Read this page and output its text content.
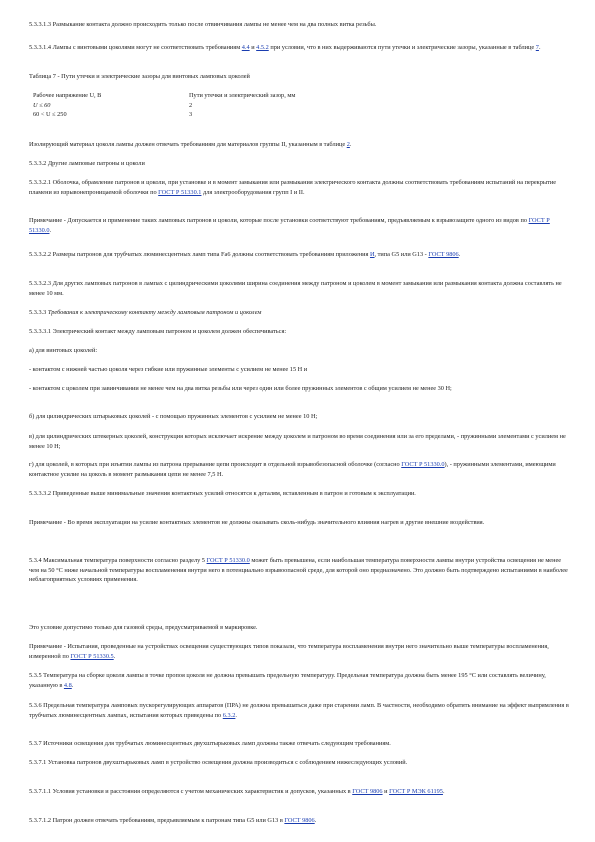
5.3.3.1.3 Размыкание контакта должно происходить только после отвинчивания лампы не менее чем на два полных витка резьбы.

5.3.3.1.4 Лампы с винтовыми цоколями могут не соответствовать требованиям 4.4 и 4.5.2 при условии, что в них выдерживаются пути утечки и электрические зазоры, указанные в таблице 7.

Таблица 7 - Пути утечки и электрические зазоры для винтовых ламповых цоколей

Изолирующий материал цоколя лампы должен отвечать требованиям для материалов группы II, указанным в таблице 2.

5.3.3.2 Другие ламповые патроны и цоколи

5.3.3.2.1 Оболочка, обрамление патронов и цоколи, при установке и в момент замыкания или размыкания электрического контакта должны соответствовать требованиям испытаний на перекрытие пламени из взрывонепроницаемой оболочки по ГОСТ Р 51330.1 для электрооборудования групп I и II.

Примечание - Допускается и применение таких ламповых патронов и цоколи, которые после установки соответствуют требованиям, предъявляемым к взрывозащите одного из видов по ГОСТ Р 51330.0.

5.3.3.2.2 Размеры патронов для трубчатых люминесцентных ламп типа Fa6 должны соответствовать требованиям приложения И, типа G5 или G13 - ГОСТ 9806.

5.3.3.2.3 Для других ламповых патронов в лампах с цилиндрическими цоколями ширина соединения между патроном и цоколем в момент замыкания или размыкания контакта должна составлять не менее 10 мм.

5.3.3.3 Требования к электрическому контакту между ламповым патроном и цоколем

5.3.3.3.1 Электрический контакт между ламповым патроном и цоколем должен обеспечиваться:

а) для винтовых цоколей:

- контактом с нижней частью цоколя через гибкие или пружинные элементы с усилием не менее 15 Н и

- контактом с цоколем при завинчивании не менее чем на два витка резьбы или через один или более пружинных элементов с общим усилием не менее 30 Н;

б) для цилиндрических штырьковых цоколей - с помощью пружинных элементов с усилием не менее 10 Н;

в) для цилиндрических штекерных цоколей, конструкция которых исключает искрение между цоколем и патроном во время соединения или за его пределами, - пружинными элементами с усилием не менее 10 Н;

г) для цоколей, в которых при изъятии лампы из патрона прерывание цепи происходит в отдельной взрывобезопасной оболочке (согласно ГОСТ Р 51330.0), - пружинными элементами, имеющими контактное усилие на цоколь в момент размыкания цепи не менее 7,5 Н.

5.3.3.3.2 Приведенные выше минимальные значения контактных усилий относятся к деталям, вставленным в патрон и готовым к эксплуатации.

Примечание - Во время эксплуатации на усилие контактных элементов не должны оказывать сколь-нибудь значительного влияния нагрев и другие внешние воздействия.

5.3.4 Максимальная температура поверхности согласно разделу 5 ГОСТ Р 51330.0 может быть превышена, если наибольшая температура поверхности лампы внутри устройства освещения не менее чем на 50 °С ниже начальной температуры воспламенения внутри него в потенциально взрывоопасной среде, для которой оно предназначено. Это должно быть подтверждено испытаниями в наиболее неблагоприятных условиях применения.

Это условие допустимо только для газовой среды, предусматриваемой в маркировке.

Примечание - Испытания, проведенные на устройствах освещения существующих типов показали, что температура воспламенения внутри него значительно выше температуры воспламенения, измеренной по ГОСТ Р 51330.5.

5.3.5 Температура на сборке цоколя лампы в точке пропоя цоколя не должна превышать предельную температуру. Предельная температура должна быть менее 195 °С или составлять величину, указанную в 4.8.

5.3.6 Предельная температура ламповых пускорегулирующих аппаратов (ПРА) не должна превышаться даже при старении ламп. В частности, необходимо обратить внимание на эффект выпрямления в трубчатых люминесцентных лампах, испытания которых приведены по 6.3.2.

5.3.7 Источники освещения для трубчатых люминесцентных двухштырьковых ламп должны также отвечать следующим требованиям.

5.3.7.1 Установка патронов двухштырьковых ламп в устройство освещения должна производиться с соблюдением нижеследующих условий.

5.3.7.1.1 Условия установки и расстояния определяются с учетом механических характеристик и допусков, указанных в ГОСТ 9806 и ГОСТ Р МЭК 61195.

5.3.7.1.2 Патрон должен отвечать требованиям, предъявляемым к патронам типа G5 или G13 в ГОСТ 9806.

Рабочее напряжение U, В	Пути утечки и электрический зазор, мм
U ≤ 60	2
60 < U ≤ 250	3
